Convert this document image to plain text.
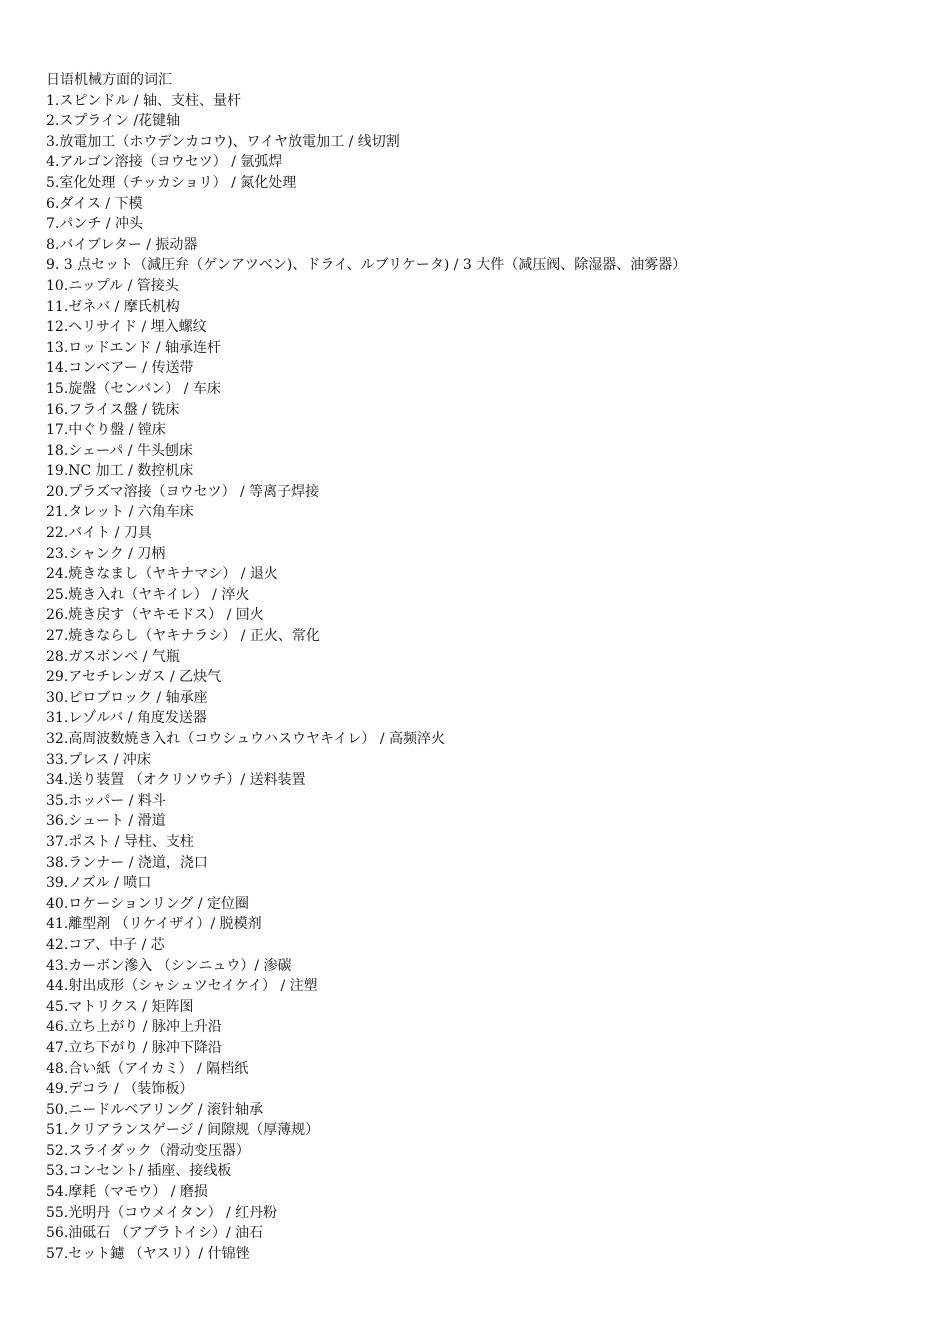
日语机械方面的词汇
1.スピンドル / 轴、支柱、量杆
2.スプライン /花键轴
3.放電加工（ホウデンカコウ)、ワイヤ放電加工 / 线切割
4.アルゴン溶接（ヨウセツ） / 氩弧焊
5.室化处理（チッカショリ） / 氮化处理
6.ダイス / 下模
7.パンチ / 冲头
8.バイブレター / 振动器
9. 3 点セット（減圧弁（ゲンアツベン)、ドライ、ルブリケータ) / 3 大件（减压阀、除湿器、油雾器）
10.ニップル / 管接头
11.ゼネバ / 摩氏机构
12.ヘリサイド / 埋入螺纹
13.ロッドエンド / 轴承连杆
14.コンベアー / 传送带
15.旋盤（センバン） / 车床
16.フライス盤 / 铣床
17.中ぐり盤 / 镗床
18.シェーパ / 牛头刨床
19.NC 加工 / 数控机床
20.プラズマ溶接（ヨウセツ） / 等离子焊接
21.タレット / 六角车床
22.バイト / 刀具
23.シャンク / 刀柄
24.焼きなまし（ヤキナマシ） / 退火
25.焼き入れ（ヤキイレ） / 淬火
26.焼き戻す（ヤキモドス） / 回火
27.焼きならし（ヤキナラシ） / 正火、常化
28.ガスボンベ / 气瓶
29.アセチレンガス / 乙炔气
30.ピロブロック / 轴承座
31.レゾルバ / 角度发送器
32.高周波数焼き入れ（コウシュウハスウヤキイレ） / 高频淬火
33.プレス / 冲床
34.送り装置 （オクリソウチ）/ 送料装置
35.ホッパー / 料斗
36.シュート / 滑道
37.ポスト / 导柱、支柱
38.ランナー / 浇道，浇口
39.ノズル / 喷口
40.ロケーションリング / 定位圈
41.離型剤 （リケイザイ）/ 脱模剂
42.コア、中子 / 芯
43.カーボン滲入 （シンニュウ）/ 渗碳
44.射出成形（シャシュツセイケイ） / 注塑
45.マトリクス / 矩阵图
46.立ち上がり / 脉冲上升沿
47.立ち下がり / 脉冲下降沿
48.合い紙（アイカミ） / 隔档纸
49.デコラ / （装饰板）
50.ニードルベアリング / 滚针轴承
51.クリアランスゲージ / 间隙规（厚薄规）
52.スライダック（滑动变压器）
53.コンセント/ 插座、接线板
54.摩耗（マモウ） / 磨损
55.光明丹（コウメイタン） / 红丹粉
56.油砥石 （アブラトイシ）/ 油石
57.セット鑢 （ヤスリ）/ 什锦锉
